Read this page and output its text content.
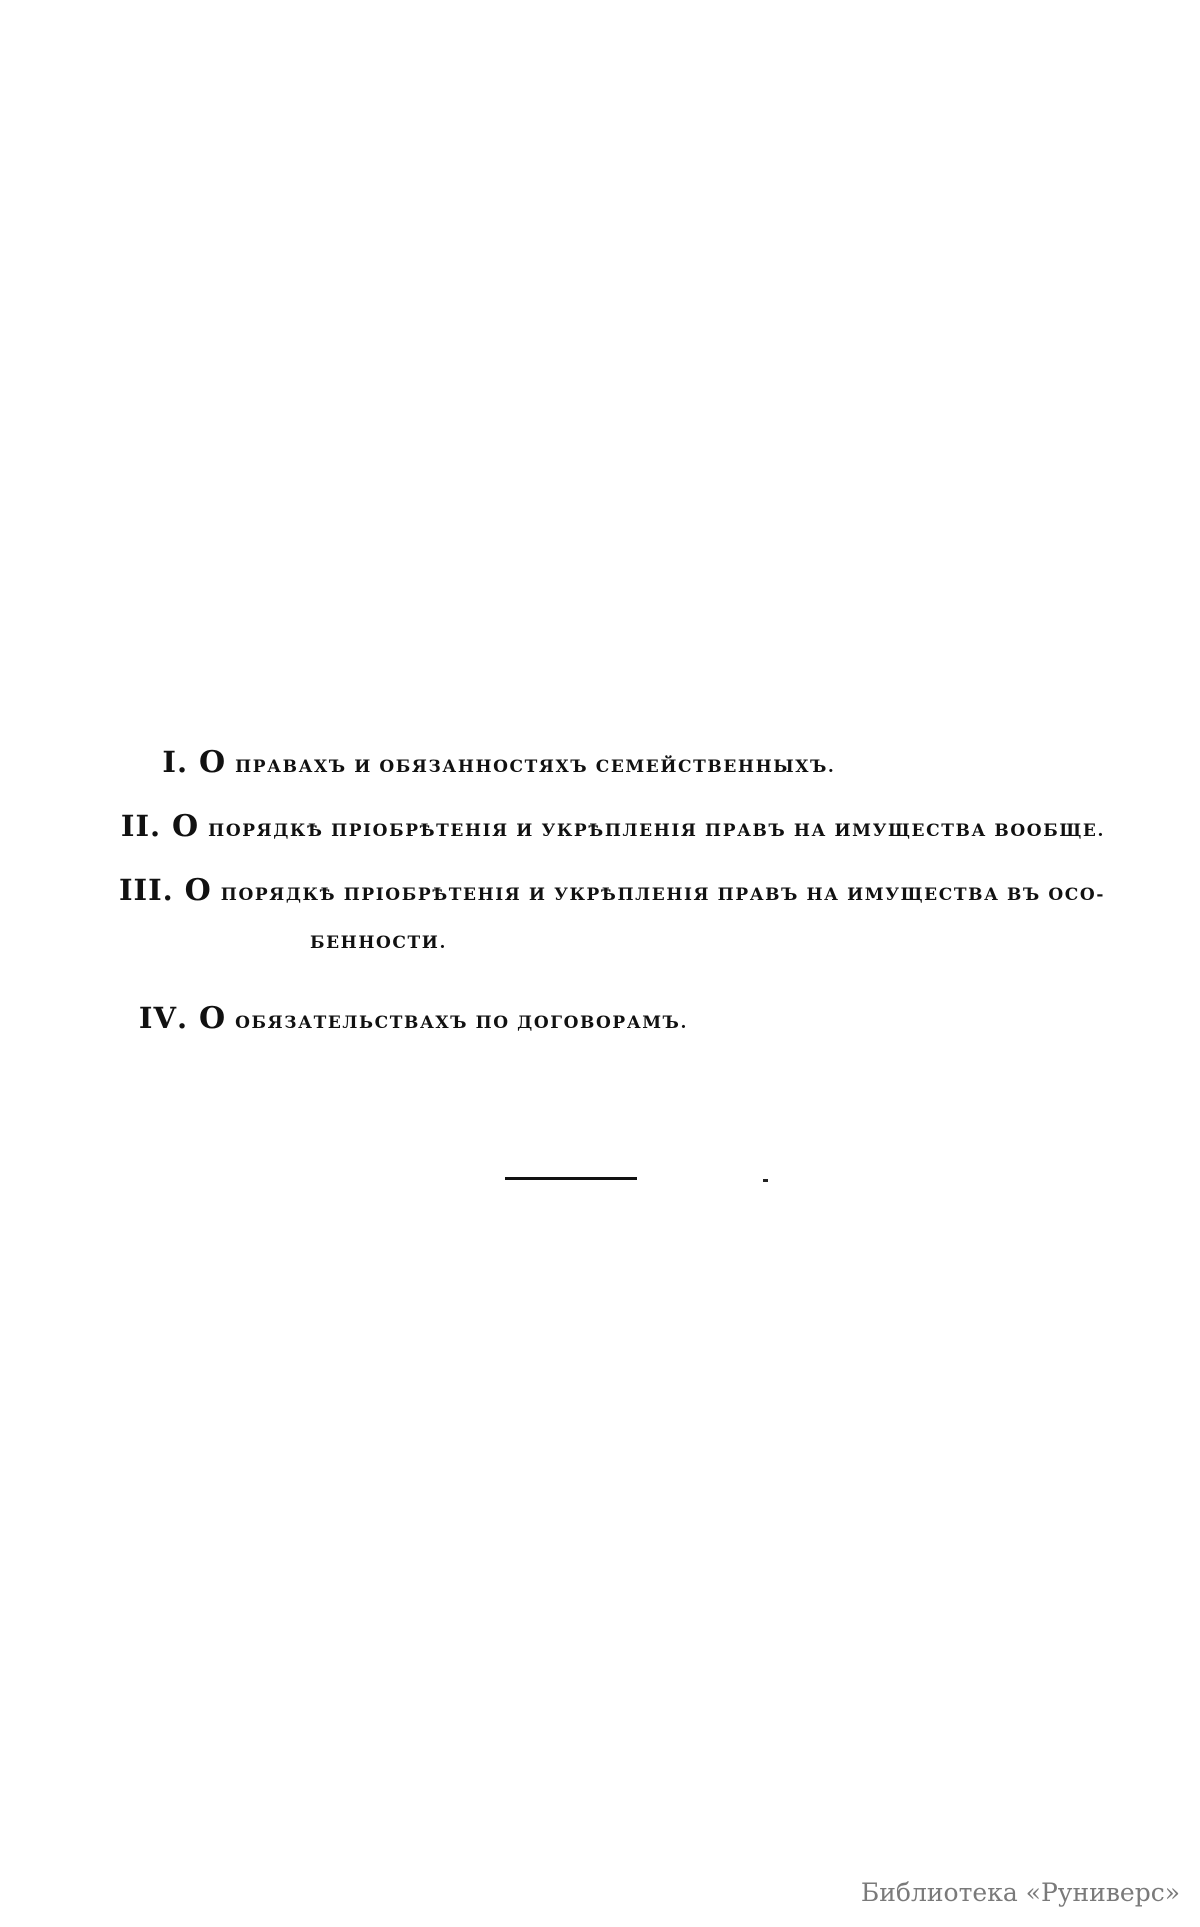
I . О ПРАВАХЪ И ОБЯЗАННОСТЯХЪ СЕМЕЙСТВЕННЫХЪ.
II . О ПОРЯДКѢ ПРIОБРѢТЕНIЯ И УКРѢПЛЕНIЯ ПРАВЪ НА ИМУЩЕСТВА ВООБЩЕ.
III . О ПОРЯДКѢ ПРIОБРѢТЕНIЯ И УКРѢПЛЕНIЯ ПРАВЪ НА ИМУЩЕСТВА ВЪ ОСО-
БЕННОСТИ.
IV . О ОБЯЗАТЕЛЬСТВАХЪ ПО ДОГОВОРАМЪ.
Библиотека «Руниверс»
